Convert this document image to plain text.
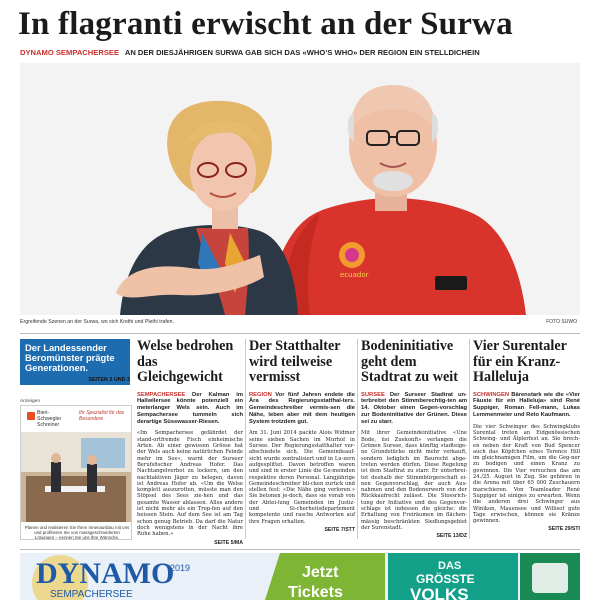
In flagranti erwischt an der Surwa
DYNAMO SEMPACHERSEE AN DER DIESJÄHRIGEN SURWA GAB SICH DAS «WHO’S WHO» DER REGION EIN STELLDICHEIN
ecuador
Ergreifende Szenen an der Surwa, wo sich Krethi und Plethi trafen.	FOTO SUWO
Der Landessender Beromünster prägte Generationen.
SEITEN 2 UND 3
Anzeigen
Bieri-Schwegler Schreiner
Ihr Spezialist für das Besondere
Planen und realisieren Sie Ihren Innenausbau mit uns und profitieren Sie von massgeschneiderten Lösungen – nennen Sie uns Ihre Wünsche.
Welse bedrohen das Gleichgewicht
SEMPACHERSEE Der Kalman im Hallwilersee könnte potenziell ein meterlanger Wels sein. Auch im Sempachersee tummeln sich derartige Süsswasser-Riesen.
«Im Sempachersee gefährdet der stand-ortfremde Fisch einheimische Arten. Ab einer gewissen Grösse hat der Wels auch keine natürlichen Feinde mehr im See», warnt der Surseer Berufsfischer Andreas Hofer. Das Nachtangelverbot zu lockern, um den nachtaktiven Jäger zu belegen, davon ist Andreas Hofer ab. «Um die Welse komplett auszurotten, müsste man den Stöpsel des Sees zie-hen und das gesamte Wasser ablassen. Alles andere ist nicht mehr als ein Trop-fen auf den heissen Stein. Auf dem See ist am Tag schon genug Betrieb. Da darf die Natur doch wenigstens in der Nacht ihre Ruhe haben.»
SEITE 5/MA
Der Statthalter wird teilweise vermisst
REGION Vor fünf Jahren endete die Ära des Regierungsstatthal-ters. Gemeindeschreiber vermis-sen die Nähe, leben aber mit dem heutigen System trotzdem gut.
Am 31. Juni 2014 packte Alois Widmer seine sieben Sachen im Murhof in Sursee. Der Regierungsstatthalter ver-abschiedete sich. Die Gemeindeauf-sicht wurde zentralisiert und in Lu-zern aufgesplittet. Davon betroffen waren und sind in erster Linie die Ge-meinden respektive deren Personal. Langjährige Gemeindeschreiber bli-cken zurück und stellen fest: «Die Nähe ging verloren.» Sie betonen je-doch, dass sie vorab von der Abtei-lung Gemeinden im Justiz- und Si-cherheitsdepartement kompetente und rasche Antworten auf ihre Fragen erhalten.
SEITE 7/STT
Bodeninitiative geht dem Stadtrat zu weit
SURSEE Der Surseer Stadtrat un-terbreitet den Stimmberechtig-ten am 14. Oktober einen Gegen-vorschlag zur Bodeninitiative der Grünen. Diese sei zu starr.
Mit ihrer Gemeindeinitiative «Une Bode, üsi Zuekonft» verlangen die Grünen Sursee, dass künftig stadteige-ne Grundstücke nicht mehr verkauft, sondern lediglich im Baurecht abge-treten werden dürfen. Diese Regelung ist dem Stadtrat zu starr. Er unterbrei-tet deshalb der Stimmbürgerschaft ei-nen Gegenvorschlag, der auch Aus-nahmen und den Bodenerwerb von der Rückkaufrecht zulässt. Die Stossrich-tung der Initiative und des Gegenvor-schlags ist indessen die gleiche: die Erhaltung von Freiräumen im flächen-mässig beschränkten Siedlungsgebiet der Surenstadt.
SEITE 13/DZ
Vier Surentaler für ein Kranz-Halleluja
SCHWINGEN Bärenstark wie die «Vier Fäuste für ein Halleluja» sind René Suppiger, Roman Fell-mann, Lukas Lemmenmeier und Reto Kaufmann.
Die vier Schwinger des Schwingklubs Surental treten an Eidgenössischen Schwing- und Älplerfest an. Sie brech-en neben der Kraft von Bud Spencer auch das Köpfchen eines Terence Hill im gleichnamigen Film, um die Geg-ner zu bodigen und einen Kranz zu gewinnen. Die Vier versuchen das am 24./25. August in Zug. Sie gehören in die Arena mit über 65 000 Zuschauern marschieren. Von Teamleader René Suppiger ist einiges zu erwarten. Wenn die anderen drei Schwinger aus Winikon, Mauensee und Willisof gute Tage erwischen, können sie Kränze gewinnen.
SEITE 29/STI
DYNAMO
2019
SEMPACHERSEE
Jetzt
Tickets
DAS
GRÖSSTE
VOLKS
